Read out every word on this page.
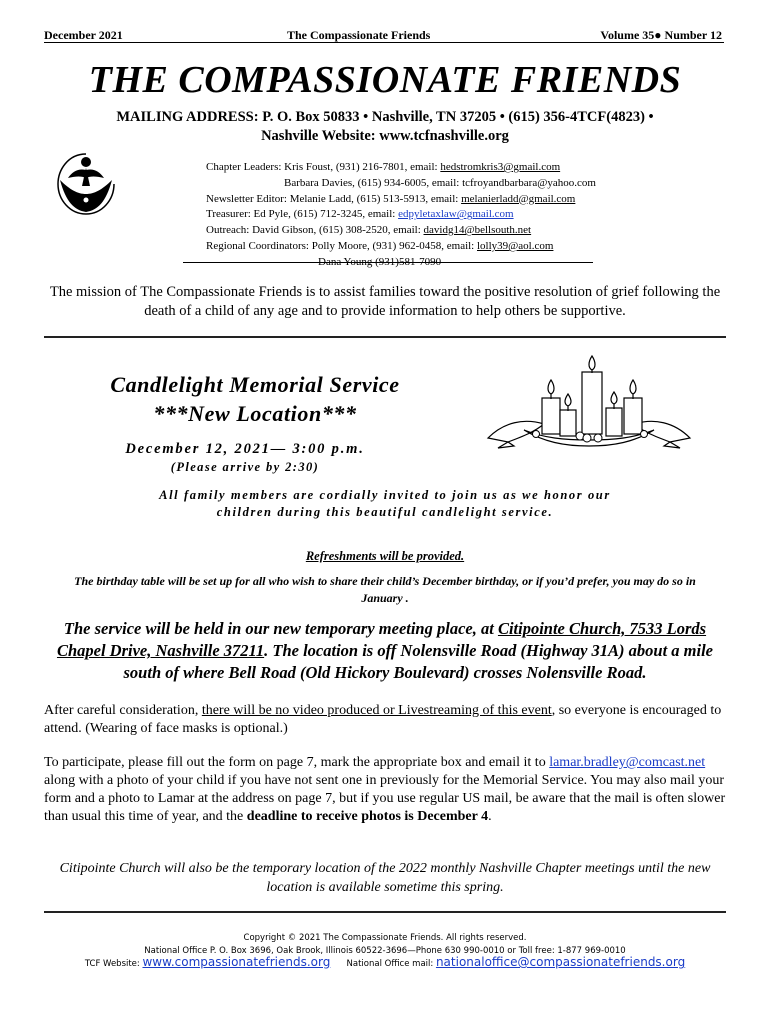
December 2021	The Compassionate Friends	Volume 35● Number 12
THE COMPASSIONATE FRIENDS
MAILING ADDRESS: P. O. Box 50833 • Nashville, TN 37205 • (615) 356-4TCF(4823) •
Nashville Website: www.tcfnashville.org
Chapter Leaders: Kris Foust, (931) 216-7801, email: hedstromkris3@gmail.com
Barbara Davies, (615) 934-6005, email: tcfroyandbarbara@yahoo.com
Newsletter Editor: Melanie Ladd, (615) 513-5913, email: melanierladd@gmail.com
Treasurer: Ed Pyle, (615) 712-3245, email: edpyletaxlaw@gmail.com
Outreach: David Gibson, (615) 308-2520, email: davidg14@bellsouth.net
Regional Coordinators: Polly Moore, (931) 962-0458, email: lolly39@aol.com
Dana Young (931)581-7090
The mission of The Compassionate Friends is to assist families toward the positive resolution of grief following the death of a child of any age and to provide information to help others be supportive.
Candlelight Memorial Service
***New Location***
December 12, 2021— 3:00 p.m.
(Please arrive by 2:30)
All family members are cordially invited to join us as we honor our children during this beautiful candlelight service.
Refreshments will be provided.
The birthday table will be set up for all who wish to share their child’s December birthday, or if you’d prefer, you may do so in January .
The service will be held in our new temporary meeting place, at Citipointe Church, 7533 Lords Chapel Drive, Nashville 37211. The location is off Nolensville Road (Highway 31A) about a mile south of where Bell Road (Old Hickory Boulevard) crosses Nolensville Road.
After careful consideration, there will be no video produced or Livestreaming of this event, so everyone is encouraged to attend. (Wearing of face masks is optional.)
To participate, please fill out the form on page 7, mark the appropriate box and email it to lamar.bradley@comcast.net along with a photo of your child if you have not sent one in previously for the Memorial Service. You may also mail your form and a photo to Lamar at the address on page 7, but if you use regular US mail, be aware that the mail is often slower than usual this time of year, and the deadline to receive photos is December 4.
Citipointe Church will also be the temporary location of the 2022 monthly Nashville Chapter meetings until the new location is available sometime this spring.
Copyright © 2021 The Compassionate Friends. All rights reserved.
National Office P. O. Box 3696, Oak Brook, Illinois 60522-3696—Phone 630 990-0010 or Toll free: 1-877 969-0010
TCF Website: www.compassionatefriends.org National Office mail: nationaloffice@compassionatefriends.org
